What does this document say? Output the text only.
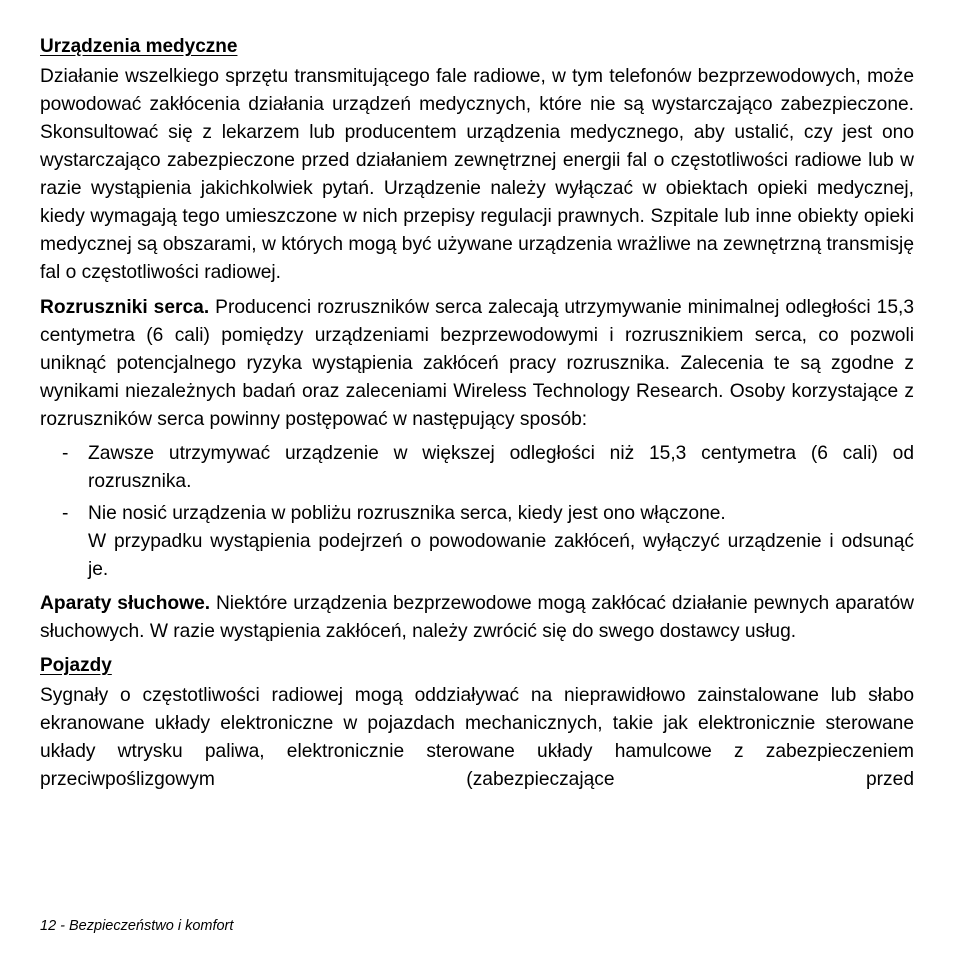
Urządzenia medyczne

Działanie wszelkiego sprzętu transmitującego fale radiowe, w tym telefonów bezprzewodowych, może powodować zakłócenia działania urządzeń medycznych, które nie są wystarczająco zabezpieczone. Skonsultować się z lekarzem lub producentem urządzenia medycznego, aby ustalić, czy jest ono wystarczająco zabezpieczone przed działaniem zewnętrznej energii fal o częstotliwości radiowe lub w razie wystąpienia jakichkolwiek pytań. Urządzenie należy wyłączać w obiektach opieki medycznej, kiedy wymagają tego umieszczone w nich przepisy regulacji prawnych. Szpitale lub inne obiekty opieki medycznej są obszarami, w których mogą być używane urządzenia wrażliwe na zewnętrzną transmisję fal o częstotliwości radiowej.

Rozruszniki serca. Producenci rozruszników serca zalecają utrzymywanie minimalnej odległości 15,3 centymetra (6 cali) pomiędzy urządzeniami bezprzewodowymi i rozrusznikiem serca, co pozwoli uniknąć potencjalnego ryzyka wystąpienia zakłóceń pracy rozrusznika. Zalecenia te są zgodne z wynikami niezależnych badań oraz zaleceniami Wireless Technology Research. Osoby korzystające z rozruszników serca powinny postępować w następujący sposób:

- Zawsze utrzymywać urządzenie w większej odległości niż 15,3 centymetra (6 cali) od rozrusznika.
- Nie nosić urządzenia w pobliżu rozrusznika serca, kiedy jest ono włączone.
W przypadku wystąpienia podejrzeń o powodowanie zakłóceń, wyłączyć urządzenie i odsunąć je.

Aparaty słuchowe. Niektóre urządzenia bezprzewodowe mogą zakłócać działanie pewnych aparatów słuchowych. W razie wystąpienia zakłóceń, należy zwrócić się do swego dostawcy usług.

Pojazdy

Sygnały o częstotliwości radiowej mogą oddziaływać na nieprawidłowo zainstalowane lub słabo ekranowane układy elektroniczne w pojazdach mechanicznych, takie jak elektronicznie sterowane układy wtrysku paliwa, elektronicznie sterowane układy hamulcowe z zabezpieczeniem przeciwpoślizgowym (zabezpieczające przed

12 - Bezpieczeństwo i komfort
